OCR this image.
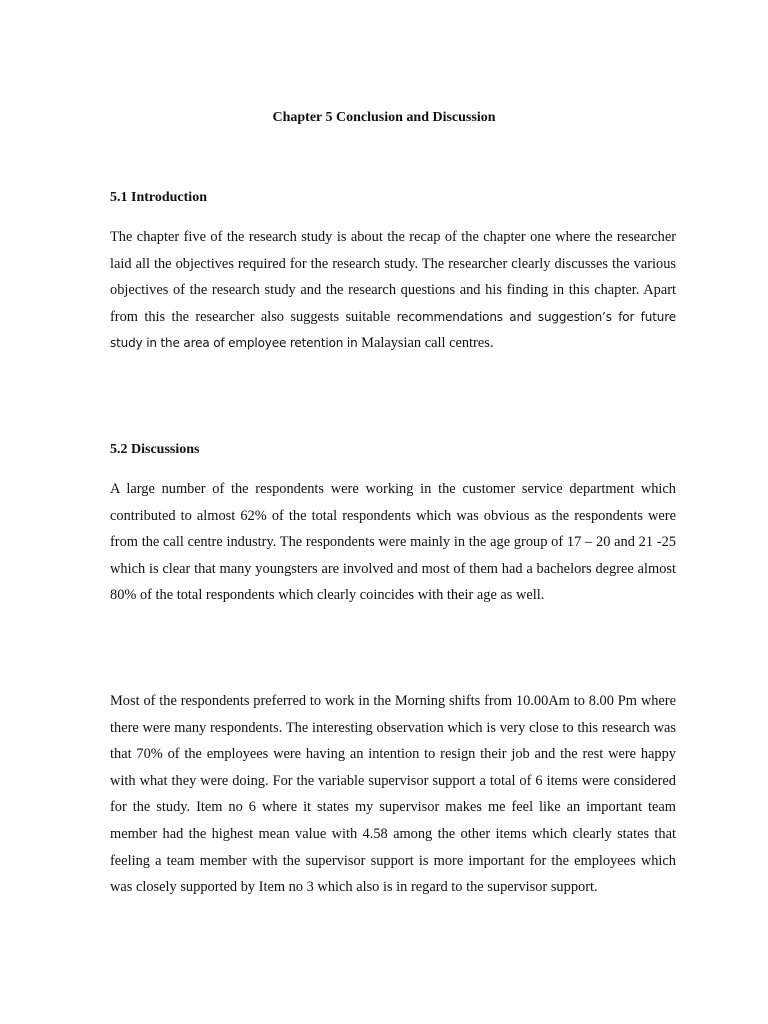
Chapter 5 Conclusion and Discussion
5.1 Introduction

The chapter five of the research study is about the recap of the chapter one where the researcher laid all the objectives required for the research study. The researcher clearly discusses the various objectives of the research study and the research questions and his finding in this chapter. Apart from this the researcher also suggests suitable recommendations and suggestion’s for future study in the area of employee retention in Malaysian call centres.

5.2 Discussions

A large number of the respondents were working in the customer service department which contributed to almost 62% of the total respondents which was obvious as the respondents were from the call centre industry. The respondents were mainly in the age group of 17 – 20 and 21 -25 which is clear that many youngsters are involved and most of them had a bachelors degree almost 80% of the total respondents which clearly coincides with their age as well.

Most of the respondents preferred to work in the Morning shifts from 10.00Am to 8.00 Pm where there were many respondents. The interesting observation which is very close to this research was that 70% of the employees were having an intention to resign their job and the rest were happy with what they were doing. For the variable supervisor support a total of 6 items were considered for the study. Item no 6 where it states my supervisor makes me feel like an important team member had the highest mean value with 4.58 among the other items which clearly states that feeling a team member with the supervisor support is more important for the employees which was closely supported by Item no 3 which also is in regard to the supervisor support.
